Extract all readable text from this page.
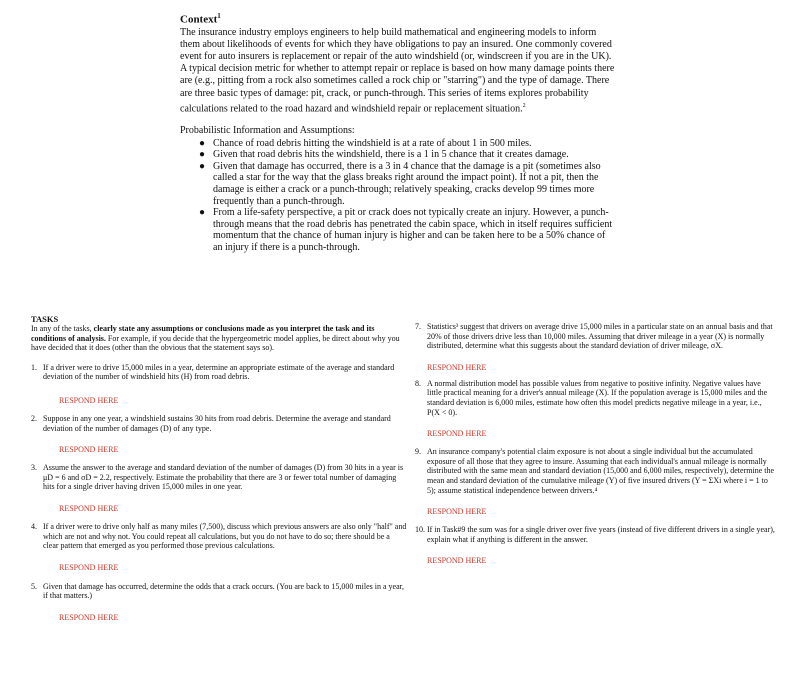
Context$^1$

The insurance industry employs engineers to help build mathematical and engineering models to inform them about likelihoods of events for which they have obligations to pay an insured. One commonly covered event for auto insurers is replacement or repair of the auto windshield (or, windscreen if you are in the UK). A typical decision metric for whether to attempt repair or replace is based on how many damage points there are (e.g., pitting from a rock also sometimes called a rock chip or "starring") and the type of damage. There are three basic types of damage: pit, crack, or punch-through. This series of items explores probability calculations related to the road hazard and windshield repair or replacement situation.$^2$

Probabilistic Information and Assumptions:

● Chance of road debris hitting the windshield is at a rate of about 1 in 500 miles.
● Given that road debris hits the windshield, there is a 1 in 5 chance that it creates damage.
● Given that damage has occurred, there is a 3 in 4 chance that the damage is a pit (sometimes also called a star for the way that the glass breaks right around the impact point). If not a pit, then the damage is either a crack or a punch-through; relatively speaking, cracks develop 99 times more frequently than a punch-through.
● From a life-safety perspective, a pit or crack does not typically create an injury. However, a punch-through means that the road debris has penetrated the cabin space, which in itself requires sufficient momentum that the chance of human injury is higher and can be taken here to be a 50% chance of an injury if there is a punch-through.

TASKS

In any of the tasks, clearly state any assumptions or conclusions made as you interpret the task and its conditions of analysis. For example, if you decide that the hypergeometric model applies, be direct about why you have decided that it does (other than the obvious that the statement says so).

1. If a driver were to drive 15,000 miles in a year, determine an appropriate estimate of the average and standard deviation of the number of windshield hits (H) from road debris.
RESPOND HERE
2. Suppose in any one year, a windshield sustains 30 hits from road debris. Determine the average and standard deviation of the number of damages (D) of any type.
RESPOND HERE
3. Assume the answer to the average and standard deviation of the number of damages (D) from 30 hits in a year is μD = 6 and σD = 2.2, respectively. Estimate the probability that there are 3 or fewer total number of damaging hits for a single driver having driven 15,000 miles in one year.
RESPOND HERE
4. If a driver were to drive only half as many miles (7,500), discuss which previous answers are also only "half" and which are not and why not. You could repeat all calculations, but you do not have to do so; there should be a clear pattern that emerged as you performed those previous calculations.
RESPOND HERE
5. Given that damage has occurred, determine the odds that a crack occurs. (You are back to 15,000 miles in a year, if that matters.)
RESPOND HERE
7. Statistics³ suggest that drivers on average drive 15,000 miles in a particular state on an annual basis and that 20% of those drivers drive less than 10,000 miles. Assuming that driver mileage in a year (X) is normally distributed, determine what this suggests about the standard deviation of driver mileage, σX.
RESPOND HERE
8. A normal distribution model has possible values from negative to positive infinity. Negative values have little practical meaning for a driver's annual mileage (X). If the population average is 15,000 miles and the standard deviation is 6,000 miles, estimate how often this model predicts negative mileage in a year, i.e., P(X < 0).
RESPOND HERE
9. An insurance company's potential claim exposure is not about a single individual but the accumulated exposure of all those that they agree to insure. Assuming that each individual's annual mileage is normally distributed with the same mean and standard deviation (15,000 and 6,000 miles, respectively), determine the mean and standard deviation of the cumulative mileage (Y) of five insured drivers (Y = ΣXi where i = 1 to 5); assume statistical independence between drivers.⁴
RESPOND HERE
10. If in Task#9 the sum was for a single driver over five years (instead of five different drivers in a single year), explain what if anything is different in the answer.
RESPOND HERE
